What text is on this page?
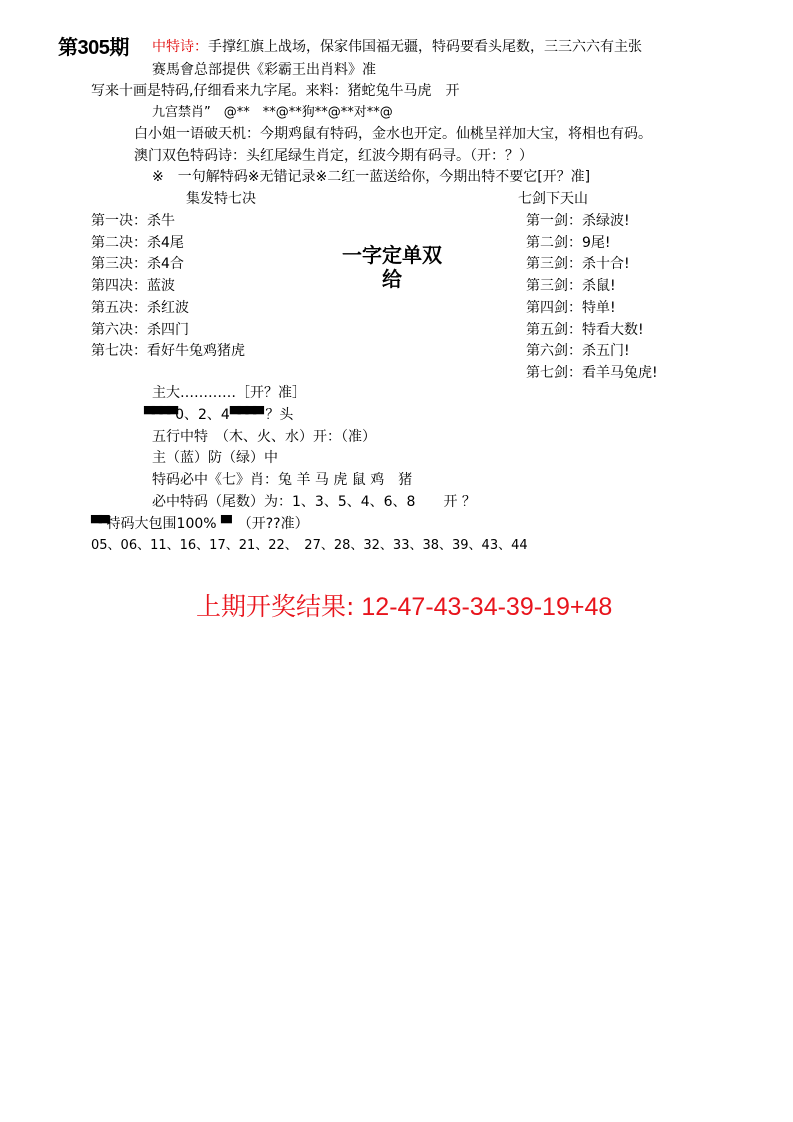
第305期 中特诗：手撑红旗上战场，保家伟国福无疆，特码要看头尾数，三三六六有主张
赛馬會总部提供《彩霸王出肖料》准
写来十画是特码,仔细看来九字尾。来料：猪蛇兔牛马虎　开
九宫禁肖”　@**　**@**狗**@**对**@
白小姐一语破天机：今期鸡鼠有特码，金水也开定。仙桃呈祥加大宝，将相也有码。
澳门双色特码诗：头红尾绿生肖定，红波今期有码寻。（开：？）
※　一句解特码※无错记录※二红一蓝送给你，今期出特不要它[开？准]
集发特七决
第一决：杀牛
第二决：杀4尾
第三决：杀4合
第四决：蓝波
第五决：杀红波
第六决：杀四门
第七决：看好牛兔鸡猪虎
一字定单双
给
七剑下天山
第一剑：杀绿波!
第二剑：9尾!
第三剑：杀十合!
第三剑：杀鼠!
第四剑：特单!
第五剑：特看大数!
第六剑：杀五门!
第七剑：看羊马兔虎!
主大…………［开？准］
▀▀▀▀0、2、4▀▀▀▀ ？头
五行中特　（木、火、水）开：（准）
主（蓝）防（绿）中
特码必中《七》肖：兔 羊 马 虎 鼠 鸡　猪
必中特码（尾数）为：1、3、5、4、6、8　　开 ？
▀▀特码大包围100% ▀ （开??准）
05、06、11、16、17、21、22、　27、28、32、33、38、39、43、44
上期开奖结果: 12-47-43-34-39-19+48
